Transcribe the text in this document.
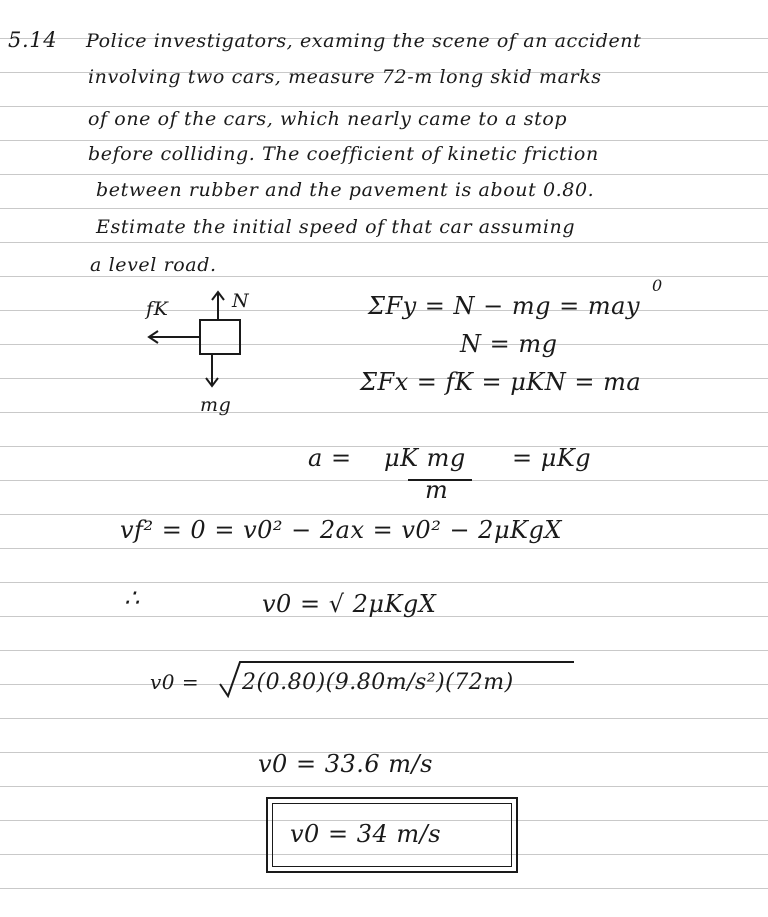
5.14 Police investigators, examing the scene of an accident
involving two cars, measure 72-m long skid marks
of one of the cars, which nearly came to a stop
before colliding. The coefficient of kinetic friction
between rubber and the pavement is about 0.80.
Estimate the initial speed of that car assuming
a level road.
fK	N
mg
ΣFy = N − mg = may
0
N = mg
ΣFx = fK = μKN = ma
a = μK mg
m
= μKg
vf² = 0 = v0² − 2ax = v0² − 2μKgX
∴	v0 = √ 2μKgX
v0 = 2(0.80)(9.80m/s²)(72m)
v0 = 33.6 m/s
v0 = 34 m/s
